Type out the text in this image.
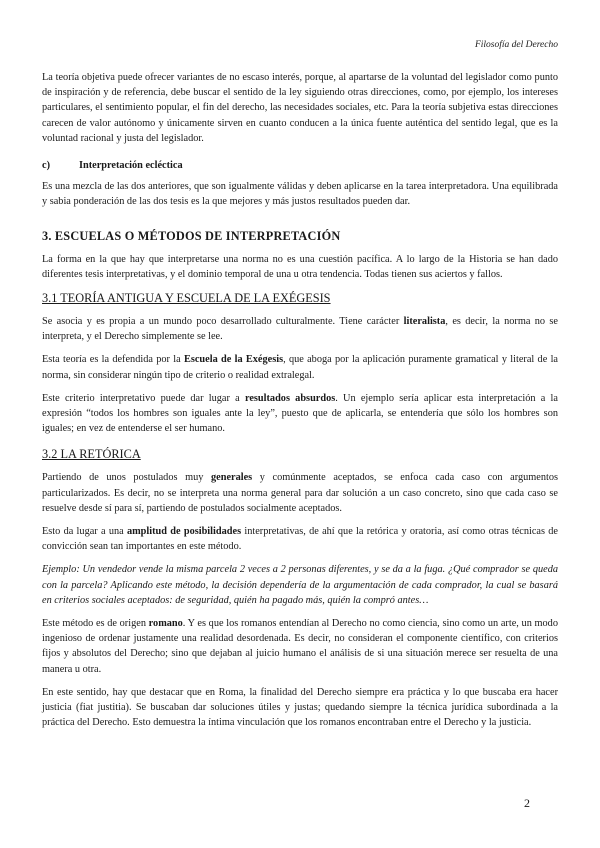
Filosofía del Derecho

La teoría objetiva puede ofrecer variantes de no escaso interés, porque, al apartarse de la voluntad del legislador como punto de inspiración y de referencia, debe buscar el sentido de la ley siguiendo otras direcciones, como, por ejemplo, los intereses particulares, el sentimiento popular, el fin del derecho, las necesidades sociales, etc. Para la teoría subjetiva estas direcciones carecen de valor autónomo y únicamente sirven en cuanto conducen a la única fuente auténtica del sentido legal, que es la voluntad racional y justa del legislador.

c)	Interpretación ecléctica

Es una mezcla de las dos anteriores, que son igualmente válidas y deben aplicarse en la tarea interpretadora. Una equilibrada y sabia ponderación de las dos tesis es la que mejores y más justos resultados pueden dar.

3. ESCUELAS O MÉTODOS DE INTERPRETACIÓN

La forma en la que hay que interpretarse una norma no es una cuestión pacífica. A lo largo de la Historia se han dado diferentes tesis interpretativas, y el dominio temporal de una u otra tendencia. Todas tienen sus aciertos y fallos.

3.1 TEORÍA ANTIGUA Y ESCUELA DE LA EXÉGESIS

Se asocia y es propia a un mundo poco desarrollado culturalmente. Tiene carácter literalista, es decir, la norma no se interpreta, y el Derecho simplemente se lee.

Esta teoría es la defendida por la Escuela de la Exégesis, que aboga por la aplicación puramente gramatical y literal de la norma, sin considerar ningún tipo de criterio o realidad extralegal.

Este criterio interpretativo puede dar lugar a resultados absurdos. Un ejemplo sería aplicar esta interpretación a la expresión “todos los hombres son iguales ante la ley”, puesto que de aplicarla, se entendería que sólo los hombres son iguales; en vez de entenderse el ser humano.

3.2 LA RETÓRICA

Partiendo de unos postulados muy generales y comúnmente aceptados, se enfoca cada caso con argumentos particularizados. Es decir, no se interpreta una norma general para dar solución a un caso concreto, sino que cada caso se resuelve desde sí para sí, partiendo de postulados socialmente aceptados.

Esto da lugar a una amplitud de posibilidades interpretativas, de ahí que la retórica y oratoria, así como otras técnicas de convicción sean tan importantes en este método.

Ejemplo: Un vendedor vende la misma parcela 2 veces a 2 personas diferentes, y se da a la fuga. ¿Qué comprador se queda con la parcela? Aplicando este método, la decisión dependería de la argumentación de cada comprador, la cual se basará en criterios sociales aceptados: de seguridad, quién ha pagado más, quién la compró antes…

Este método es de origen romano. Y es que los romanos entendían al Derecho no como ciencia, sino como un arte, un modo ingenioso de ordenar justamente una realidad desordenada. Es decir, no consideran el componente científico, con criterios fijos y absolutos del Derecho; sino que dejaban al juicio humano el análisis de si una situación merece ser resuelta de una manera u otra.

En este sentido, hay que destacar que en Roma, la finalidad del Derecho siempre era práctica y lo que buscaba era hacer justicia (fiat justitia). Se buscaban dar soluciones útiles y justas; quedando siempre la técnica jurídica subordinada a la práctica del Derecho. Esto demuestra la íntima vinculación que los romanos encontraban entre el Derecho y la justicia.

2
